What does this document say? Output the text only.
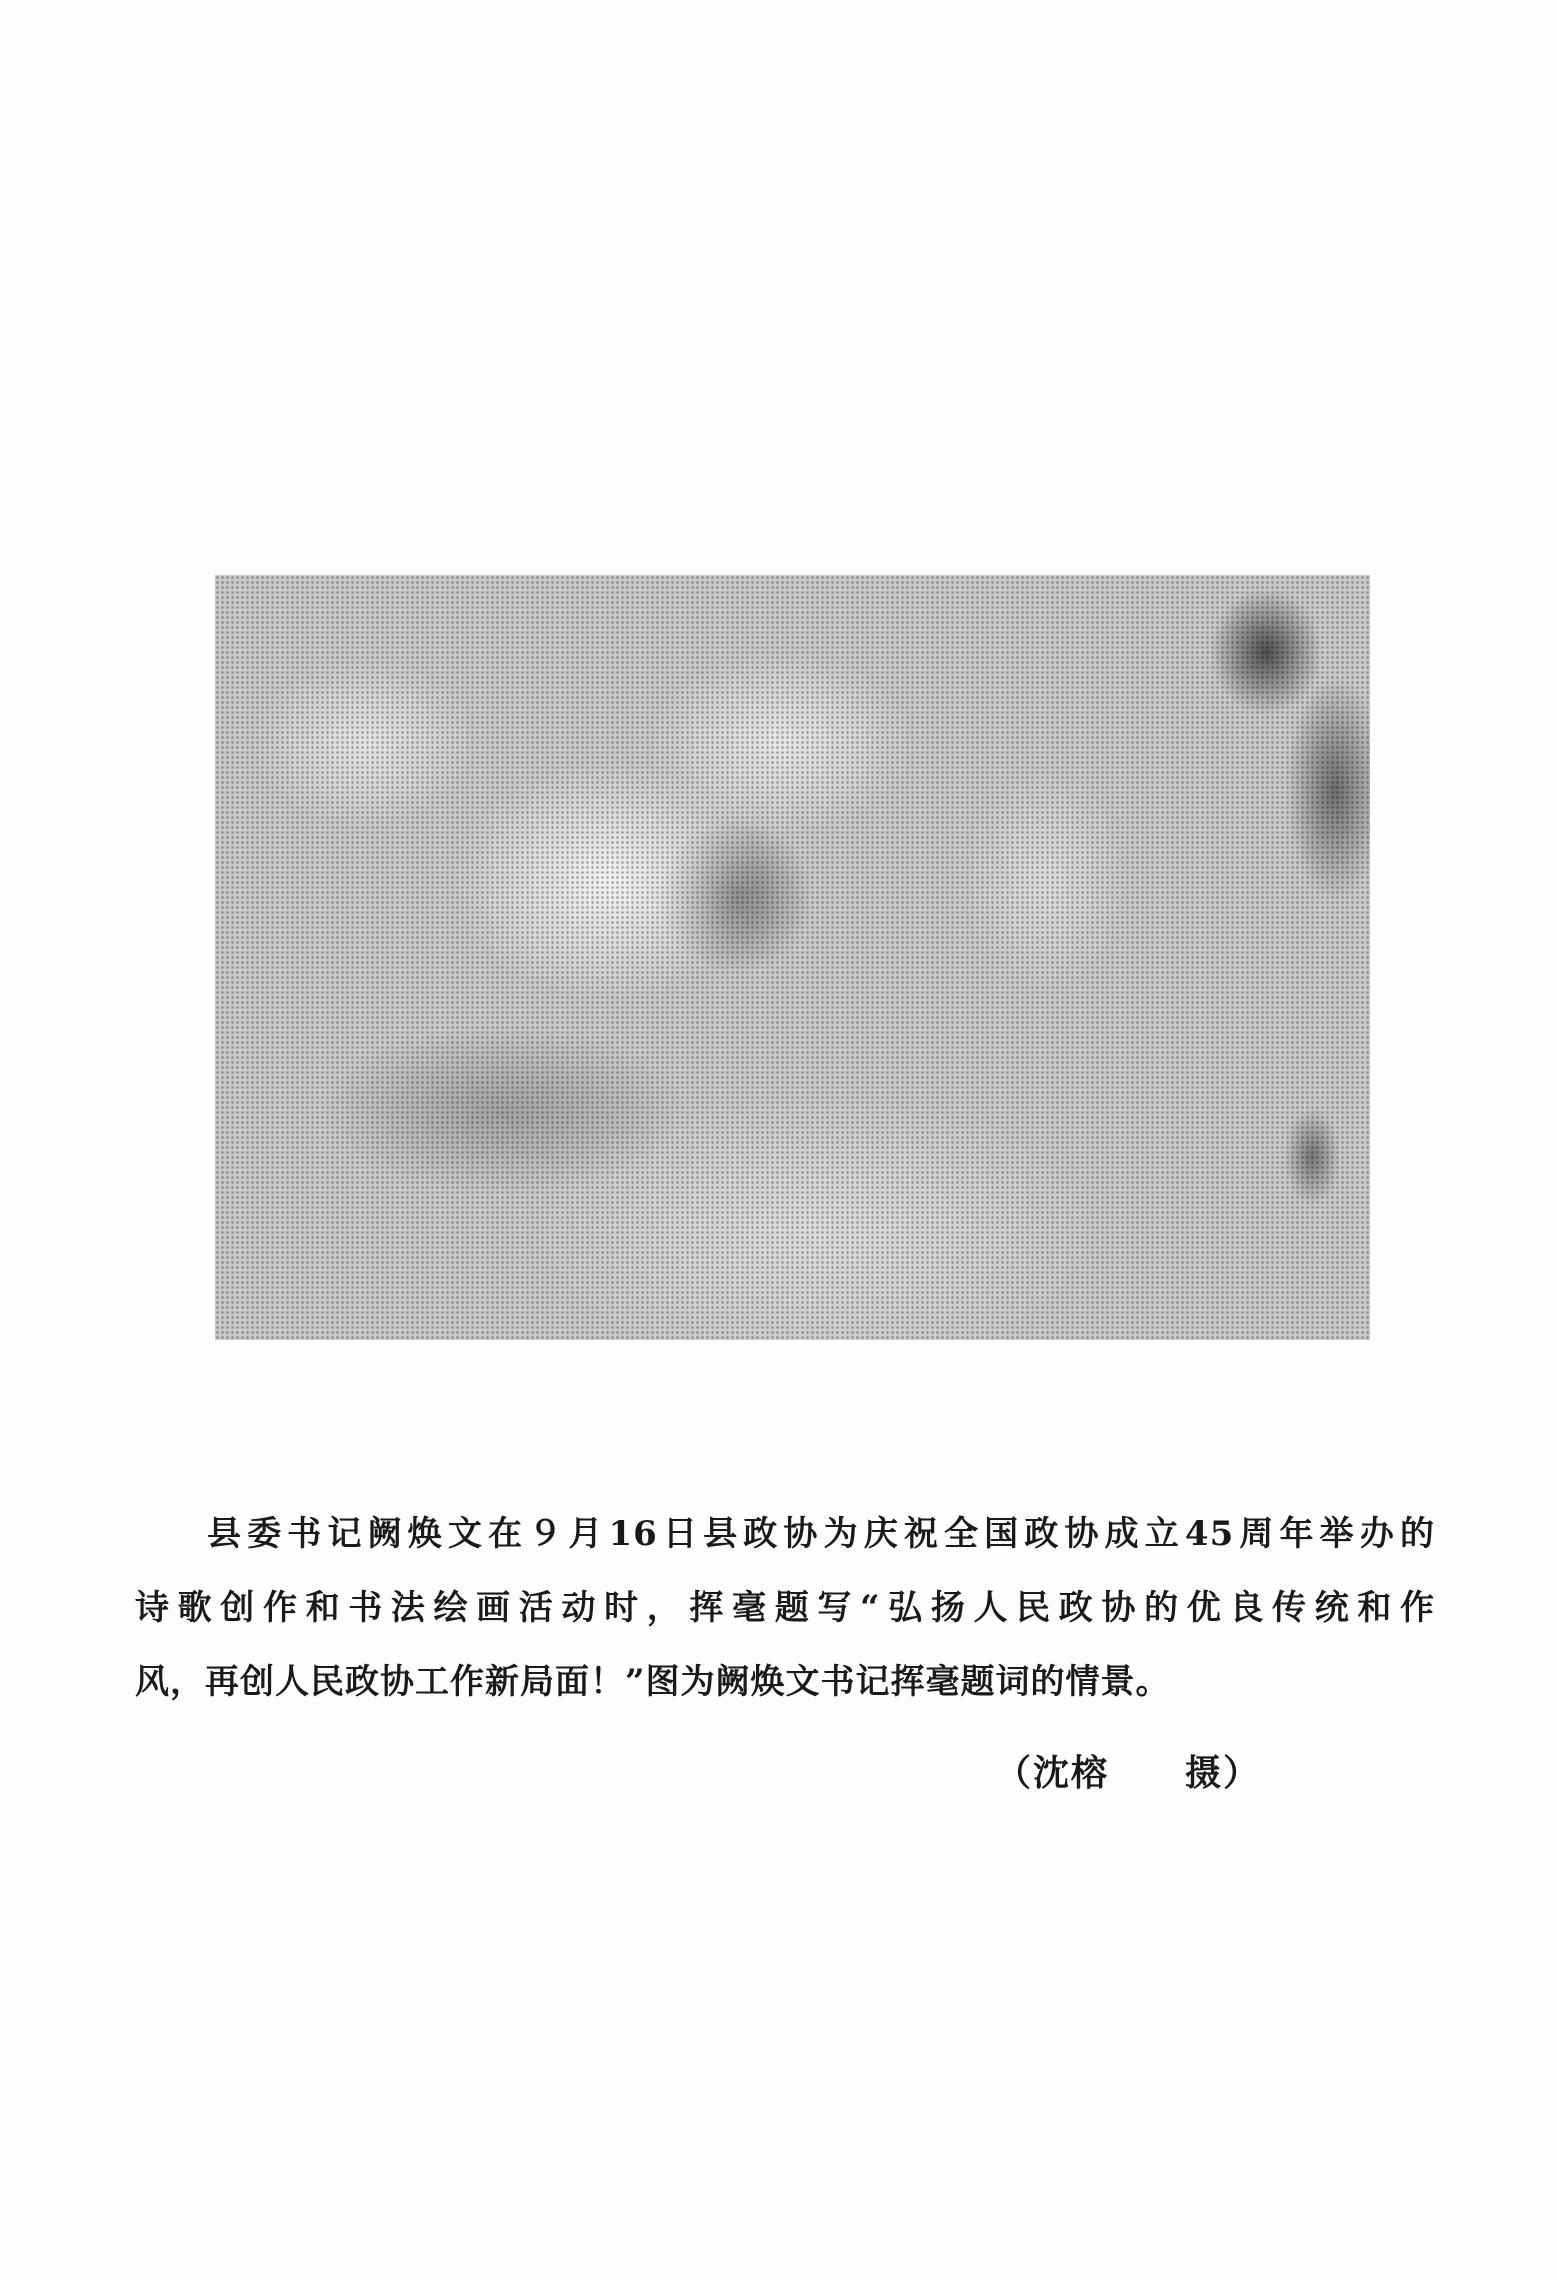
县委书记阙焕文在９月16日县政协为庆祝全国政协成立45周年举办的
诗歌创作和书法绘画活动时，挥毫题写“弘扬人民政协的优良传统和作
风，再创人民政协工作新局面！”图为阙焕文书记挥毫题词的情景。
（沈榕　　摄）
